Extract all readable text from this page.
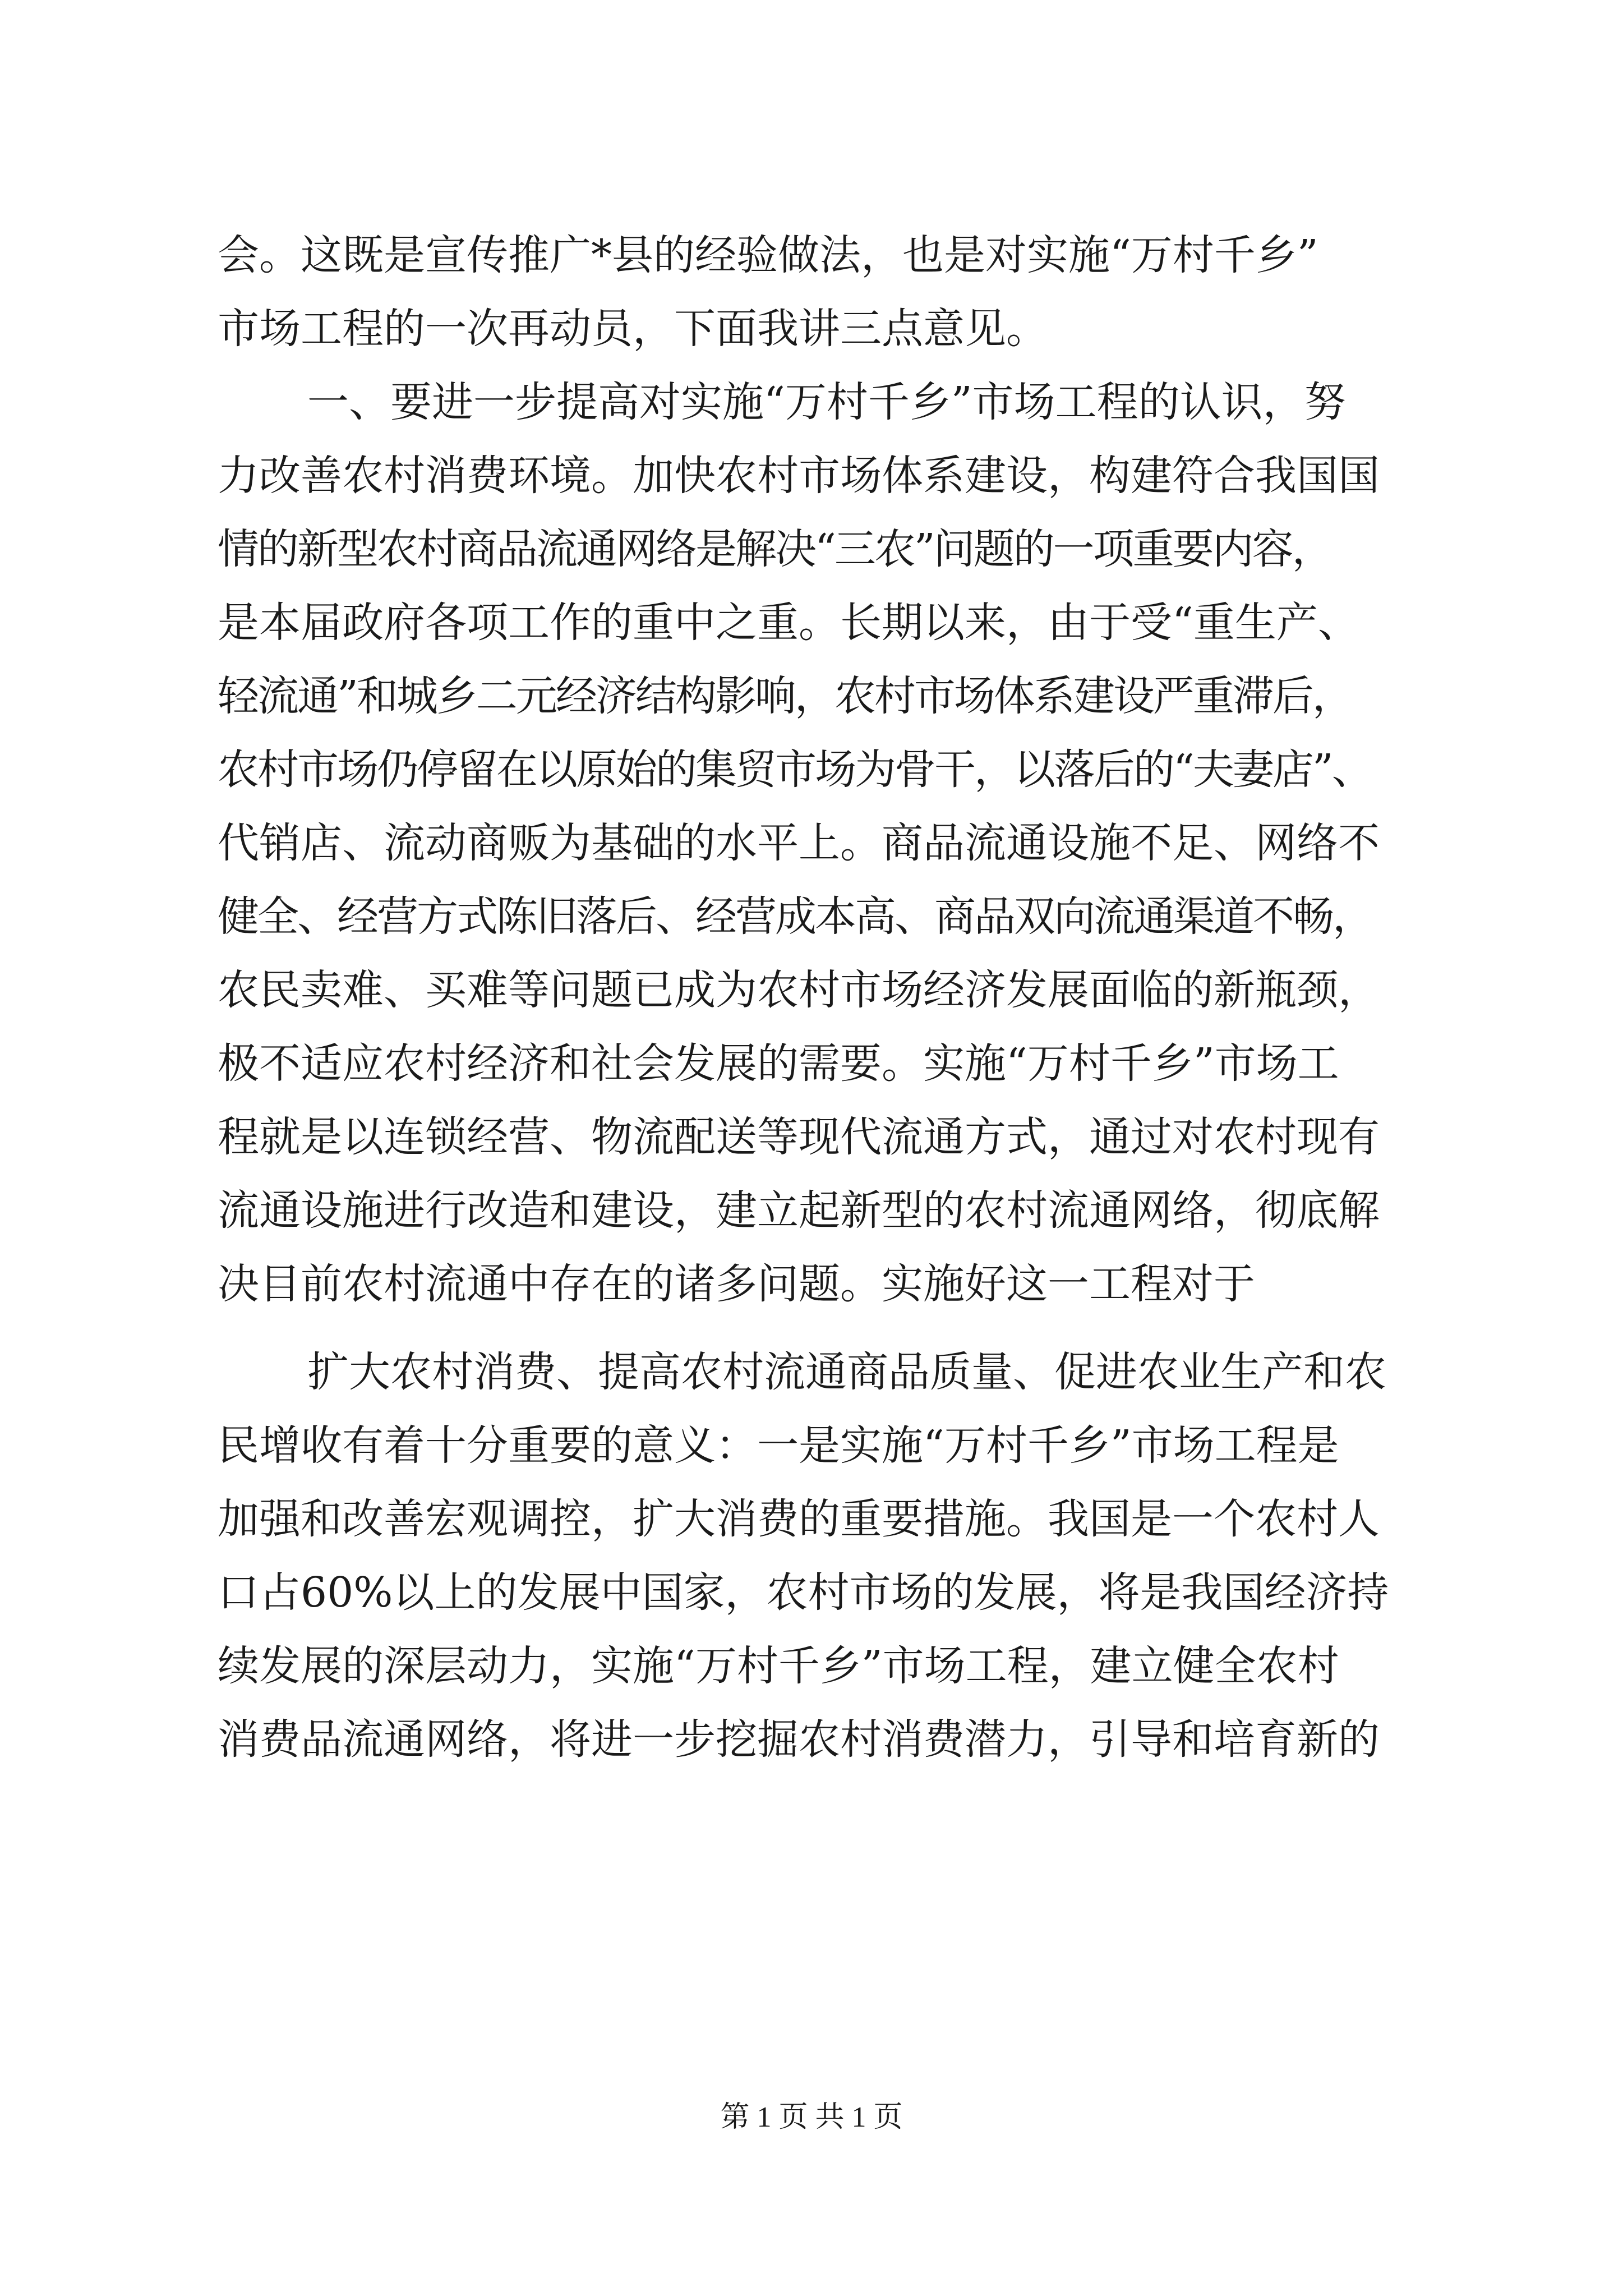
会。这既是宣传推广*县的经验做法，也是对实施“万村千乡”
市场工程的一次再动员，下面我讲三点意见。
一、要进一步提高对实施“万村千乡”市场工程的认识，努
力改善农村消费环境。加快农村市场体系建设，构建符合我国国
情的新型农村商品流通网络是解决“三农”问题的一项重要内容，
是本届政府各项工作的重中之重。长期以来，由于受“重生产、
轻流通”和城乡二元经济结构影响，农村市场体系建设严重滞后，
农村市场仍停留在以原始的集贸市场为骨干，以落后的“夫妻店”、
代销店、流动商贩为基础的水平上。商品流通设施不足、网络不
健全、经营方式陈旧落后、经营成本高、商品双向流通渠道不畅，
农民卖难、买难等问题已成为农村市场经济发展面临的新瓶颈，
极不适应农村经济和社会发展的需要。实施“万村千乡”市场工
程就是以连锁经营、物流配送等现代流通方式，通过对农村现有
流通设施进行改造和建设，建立起新型的农村流通网络，彻底解
决目前农村流通中存在的诸多问题。实施好这一工程对于
扩大农村消费、提高农村流通商品质量、促进农业生产和农
民增收有着十分重要的意义：一是实施“万村千乡”市场工程是
加强和改善宏观调控，扩大消费的重要措施。我国是一个农村人
口占60%以上的发展中国家，农村市场的发展，将是我国经济持
续发展的深层动力，实施“万村千乡”市场工程，建立健全农村
消费品流通网络，将进一步挖掘农村消费潜力，引导和培育新的
第 1 页 共 1 页
